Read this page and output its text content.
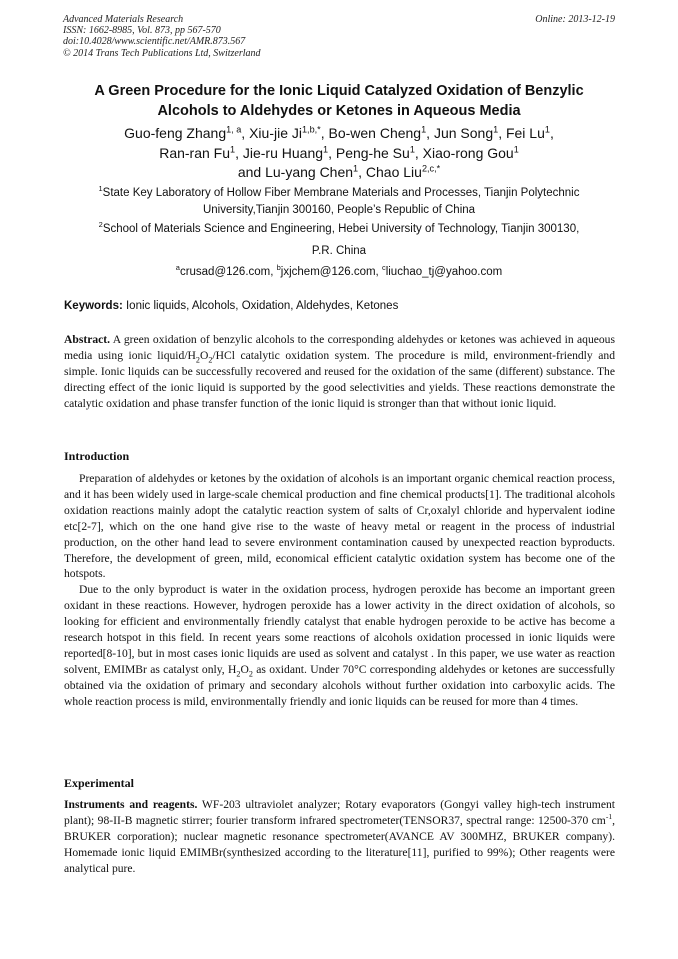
Advanced Materials Research
ISSN: 1662-8985, Vol. 873, pp 567-570
doi:10.4028/www.scientific.net/AMR.873.567
© 2014 Trans Tech Publications Ltd, Switzerland
Online: 2013-12-19
A Green Procedure for the Ionic Liquid Catalyzed Oxidation of Benzylic
Alcohols to Aldehydes or Ketones in Aqueous Media
Guo-feng Zhang$^{1, a}$, Xiu-jie $Ji^{1,b,*}$, Bo-wen Cheng$^1$, Jun Song$^1$, Fei Lu$^1$,
Ran-ran Fu$^1$, Jie-ru Huang$^1$, Peng-he Su$^1$, Xiao-rong Gou$^1$
and Lu-yang Chen$^1$, Chao Liu$^{2,c,*}$
$^1$State Key Laboratory of Hollow Fiber Membrane Materials and Processes, Tianjin Polytechnic
University,Tianjin 300160, People’s Republic of China
$^2$School of Materials Science and Engineering, Hebei University of Technology, Tianjin 300130,
P.R. China
$^a$crusad@126.com, $^b$jxjchem@126.com, $^c$liuchao_tj@yahoo.com
Keywords: Ionic liquids, Alcohols, Oxidation, Aldehydes, Ketones

Abstract. A green oxidation of benzylic alcohols to the corresponding aldehydes or ketones was achieved in aqueous media using ionic liquid/$H_2O_2$/HCl catalytic oxidation system. The procedure is mild, environment-friendly and simple. Ionic liquids can be successfully recovered and reused for the oxidation of the same (different) substance. The directing effect of the ionic liquid is supported by the good selectivities and yields. These reactions demonstrate the catalytic oxidation and phase transfer function of the ionic liquid is stronger than that without ionic liquid.

Introduction

Preparation of aldehydes or ketones by the oxidation of alcohols is an important organic chemical reaction process, and it has been widely used in large-scale chemical production and fine chemical products[1]. The traditional alcohols oxidation reactions mainly adopt the catalytic reaction system of salts of Cr,oxalyl chloride and hypervalent iodine etc[2-7], which on the one hand give rise to the waste of heavy metal or reagent in the process of industrial production, on the other hand lead to severe environment contamination caused by unexpected reaction byproducts. Therefore, the development of green, mild, economical efficient catalytic oxidation system has become one of the hotspots.

Due to the only byproduct is water in the oxidation process, hydrogen peroxide has become an important green oxidant in these reactions. However, hydrogen peroxide has a lower activity in the direct oxidation of alcohols, so looking for efficient and environmentally friendly catalyst that enable hydrogen peroxide to be active has become a research hotspot in this field. In recent years some reactions of alcohols oxidation processed in ionic liquids were reported[8-10], but in most cases ionic liquids are used as solvent and catalyst . In this paper, we use water as reaction solvent, EMIMBr as catalyst only, $H_2O_2$ as oxidant. Under 70°C corresponding aldehydes or ketones are successfully obtained via the oxidation of primary and secondary alcohols without further oxidation into carboxylic acids. The whole reaction process is mild, environmentally friendly and ionic liquids can be reused for more than 4 times.

Experimental

Instruments and reagents. WF-203 ultraviolet analyzer; Rotary evaporators (Gongyi valley high-tech instrument plant); 98-II-B magnetic stirrer; fourier transform infrared spectrometer(TENSOR37, spectral range: 12500-370 $cm^{-1}$, BRUKER corporation); nuclear magnetic resonance spectrometer(AVANCE AV 300MHZ, BRUKER company). Homemade ionic liquid EMIMBr(synthesized according to the literature[11], purified to 99%); Other reagents were analytical pure.
